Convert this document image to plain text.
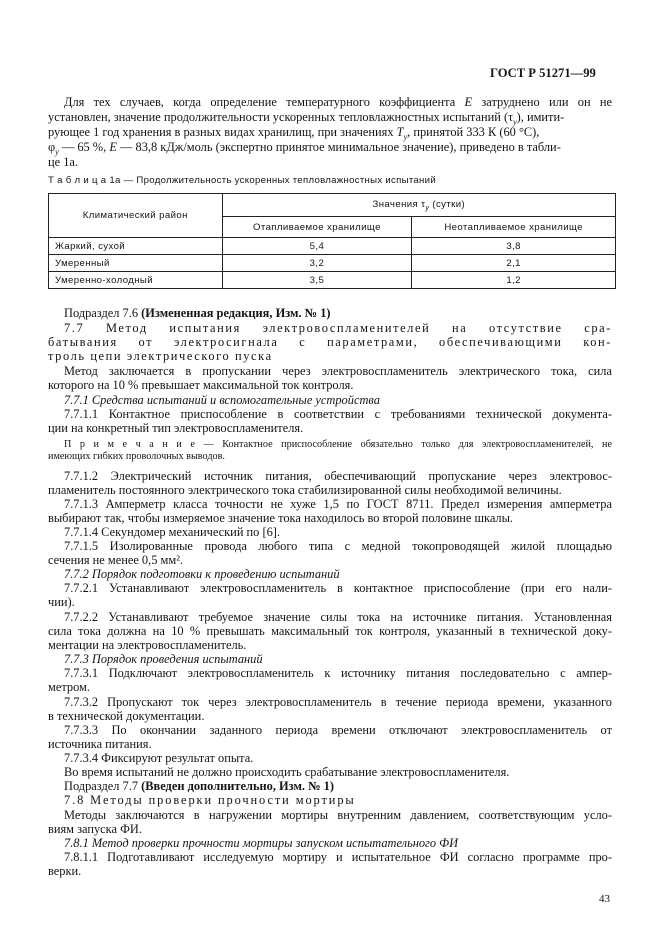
ГОСТ Р 51271—99
Для тех случаев, когда определение температурного коэффициента E затруднено или он не
установлен, значение продолжительности ускоренных тепловлажностных испытаний $(\tau_y)$, имити-
рующее 1 год хранения в разных видах хранилищ, при значениях $T_y$, принятой 333 К (60 °С),
$\varphi_y$ — 65 %, E — 83,8 кДж/моль (экспертно принятое минимальное значение), приведено в табли-
це 1а.
Т а б л и ц а 1а — Продолжительность ускоренных тепловлажностных испытаний
Климатический район	Значения $\tau_y$ (сутки)	
	Отапливаемое хранилище	Неотапливаемое хранилище
Жаркий, сухой	5,4	3,8
Умеренный	3,2	2,1
Умеренно-холодный	3,5	1,2
Подраздел 7.6 (Измененная редакция, Изм. № 1)
7.7 Метод испытания электровоспламенителей на отсутствие сра-
батывания от электросигнала с параметрами, обеспечивающими кон-
троль цепи электрического пуска
Метод заключается в пропускании через электровоспламенитель электрического тока, сила
которого на 10 % превышает максимальной ток контроля.
7.7.1 Средства испытаний и вспомогательные устройства
7.7.1.1 Контактное приспособление в соответствии с требованиями технической документа-
ции на конкретный тип электровоспламенителя.
П р и м е ч а н и е — Контактное приспособление обязательно только для электровоспламенителей, не
имеющих гибких проволочных выводов.
7.7.1.2 Электрический источник питания, обеспечивающий пропускание через электровос-
пламенитель постоянного электрического тока стабилизированной силы необходимой величины.
7.7.1.3 Амперметр класса точности не хуже 1,5 по ГОСТ 8711. Предел измерения амперметра
выбирают так, чтобы измеряемое значение тока находилось во второй половине шкалы.
7.7.1.4 Секундомер механический по [6].
7.7.1.5 Изолированные провода любого типа с медной токопроводящей жилой площадью
сечения не менее 0,5 мм².
7.7.2 Порядок подготовки к проведению испытаний
7.7.2.1 Устанавливают электровоспламенитель в контактное приспособление (при его нали-
чии).
7.7.2.2 Устанавливают требуемое значение силы тока на источнике питания. Установленная
сила тока должна на 10 % превышать максимальный ток контроля, указанный в технической доку-
ментации на электровоспламенитель.
7.7.3 Порядок проведения испытаний
7.7.3.1 Подключают электровоспламенитель к источнику питания последовательно с ампер-
метром.
7.7.3.2 Пропускают ток через электровоспламенитель в течение периода времени, указанного
в технической документации.
7.7.3.3 По окончании заданного периода времени отключают электровоспламенитель от
источника питания.
7.7.3.4 Фиксируют результат опыта.
Во время испытаний не должно происходить срабатывание электровоспламенителя.
Подраздел 7.7 (Введен дополнительно, Изм. № 1)
7.8 Методы проверки прочности мортиры
Методы заключаются в нагружении мортиры внутренним давлением, соответствующим усло-
виям запуска ФИ.
7.8.1 Метод проверки прочности мортиры запуском испытательного ФИ
7.8.1.1 Подготавливают исследуемую мортиру и испытательное ФИ согласно программе про-
верки.
43
